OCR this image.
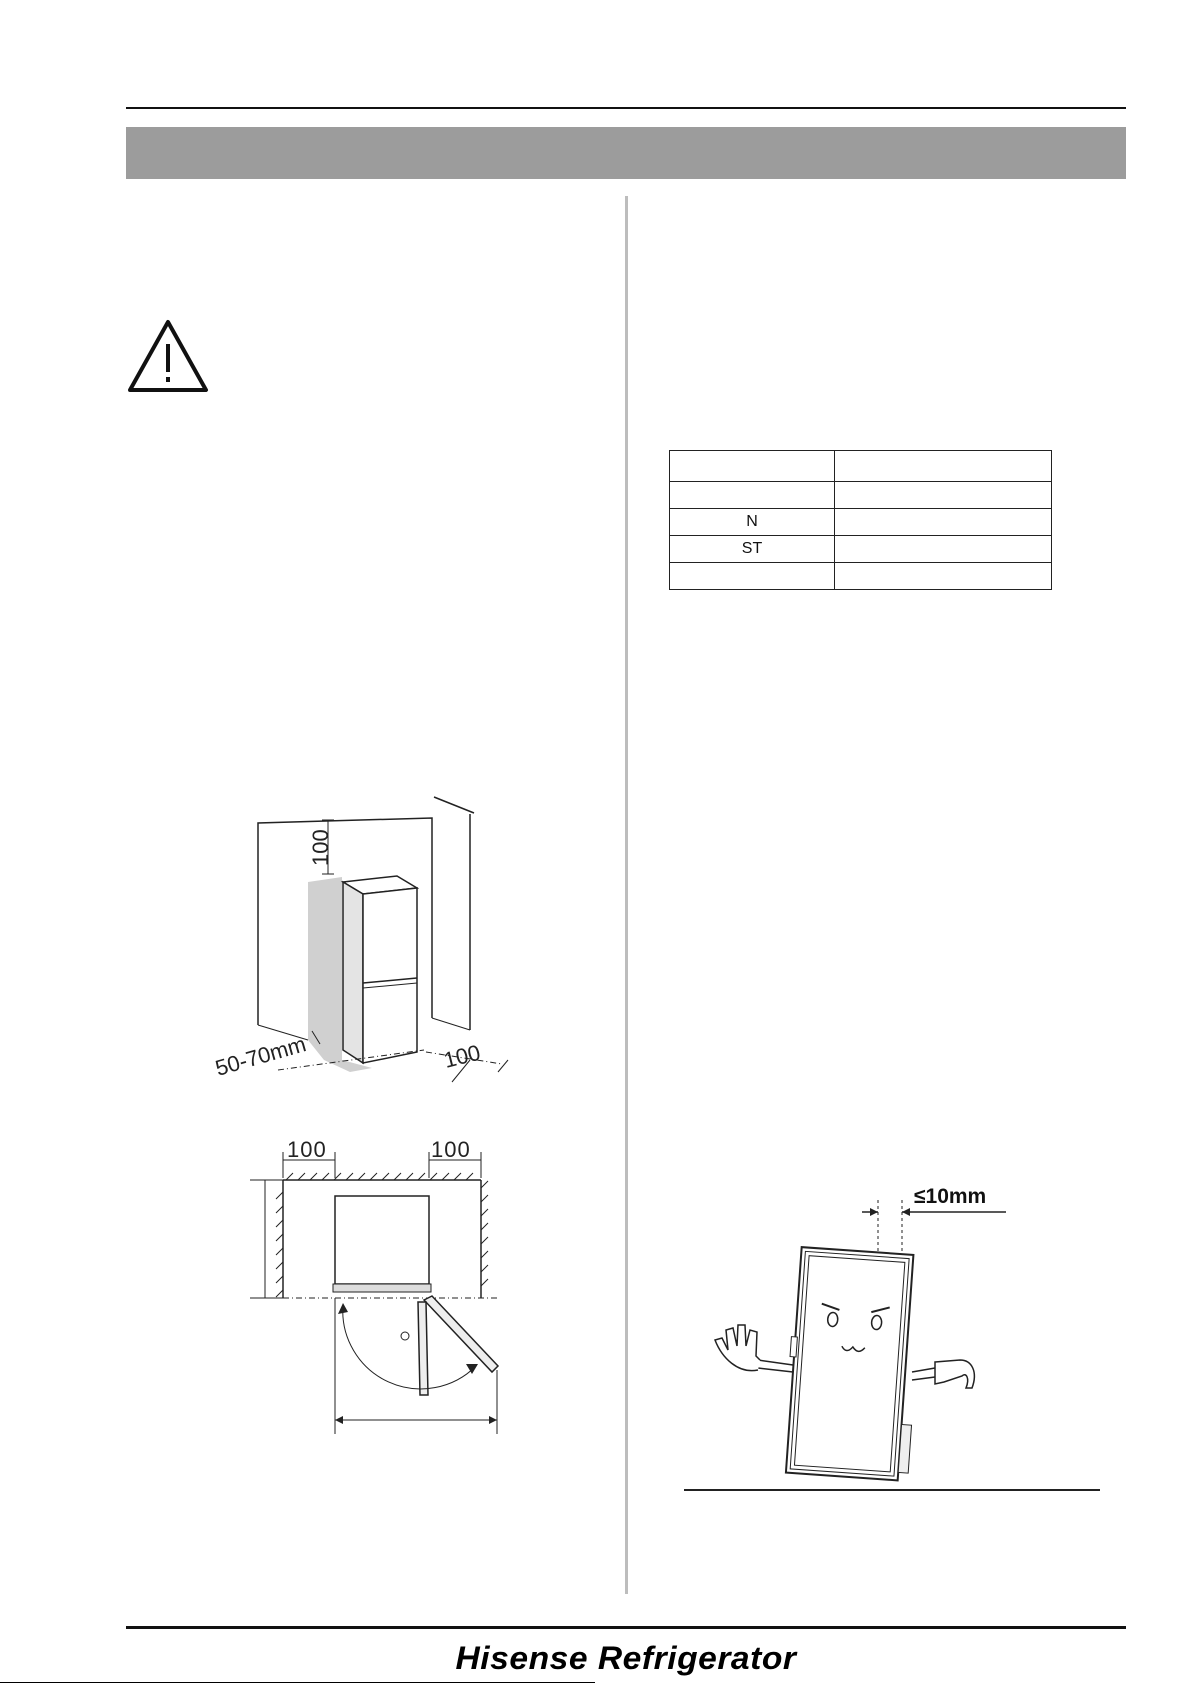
N	
ST	

100
50-70mm	100
100	100
≤10mm
Hisense Refrigerator
